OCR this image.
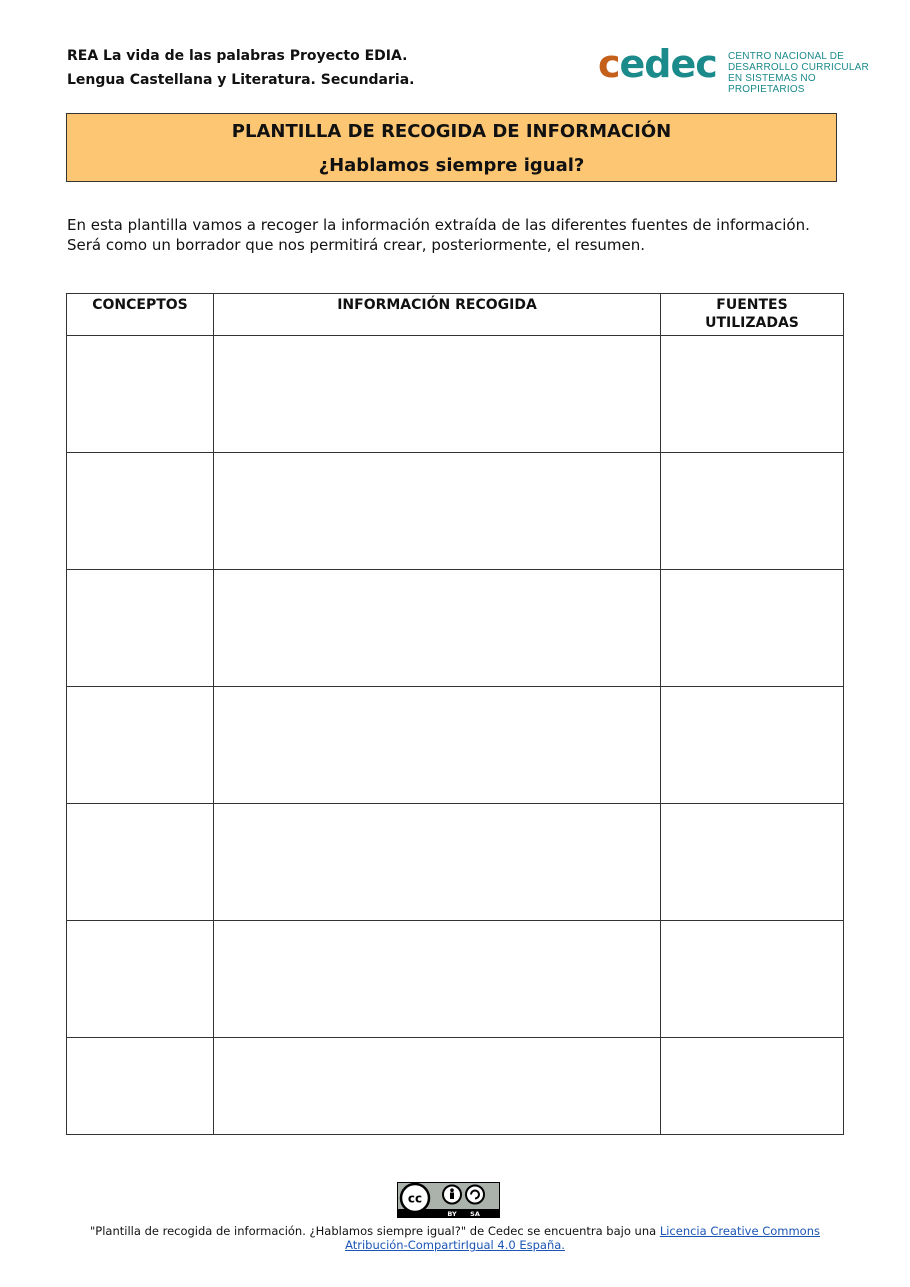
REA La vida de las palabras Proyecto EDIA.
Lengua Castellana y Literatura. Secundaria.	cedec CENTRO NACIONAL DE
DESARROLLO CURRICULAR
EN SISTEMAS NO PROPIETARIOS
PLANTILLA DE RECOGIDA DE INFORMACIÓN
¿Hablamos siempre igual?

En esta plantilla vamos a recoger la información extraída de las diferentes fuentes de información.

Será como un borrador que nos permitirá crear, posteriormente, el resumen.

CONCEPTOS	INFORMACIÓN RECOGIDA	FUENTES UTILIZADAS

cc
BY SA
"Plantilla de recogida de información. ¿Hablamos siempre igual?" de Cedec se encuentra bajo una Licencia Creative Commons Atribución-CompartirIgual 4.0 España.
